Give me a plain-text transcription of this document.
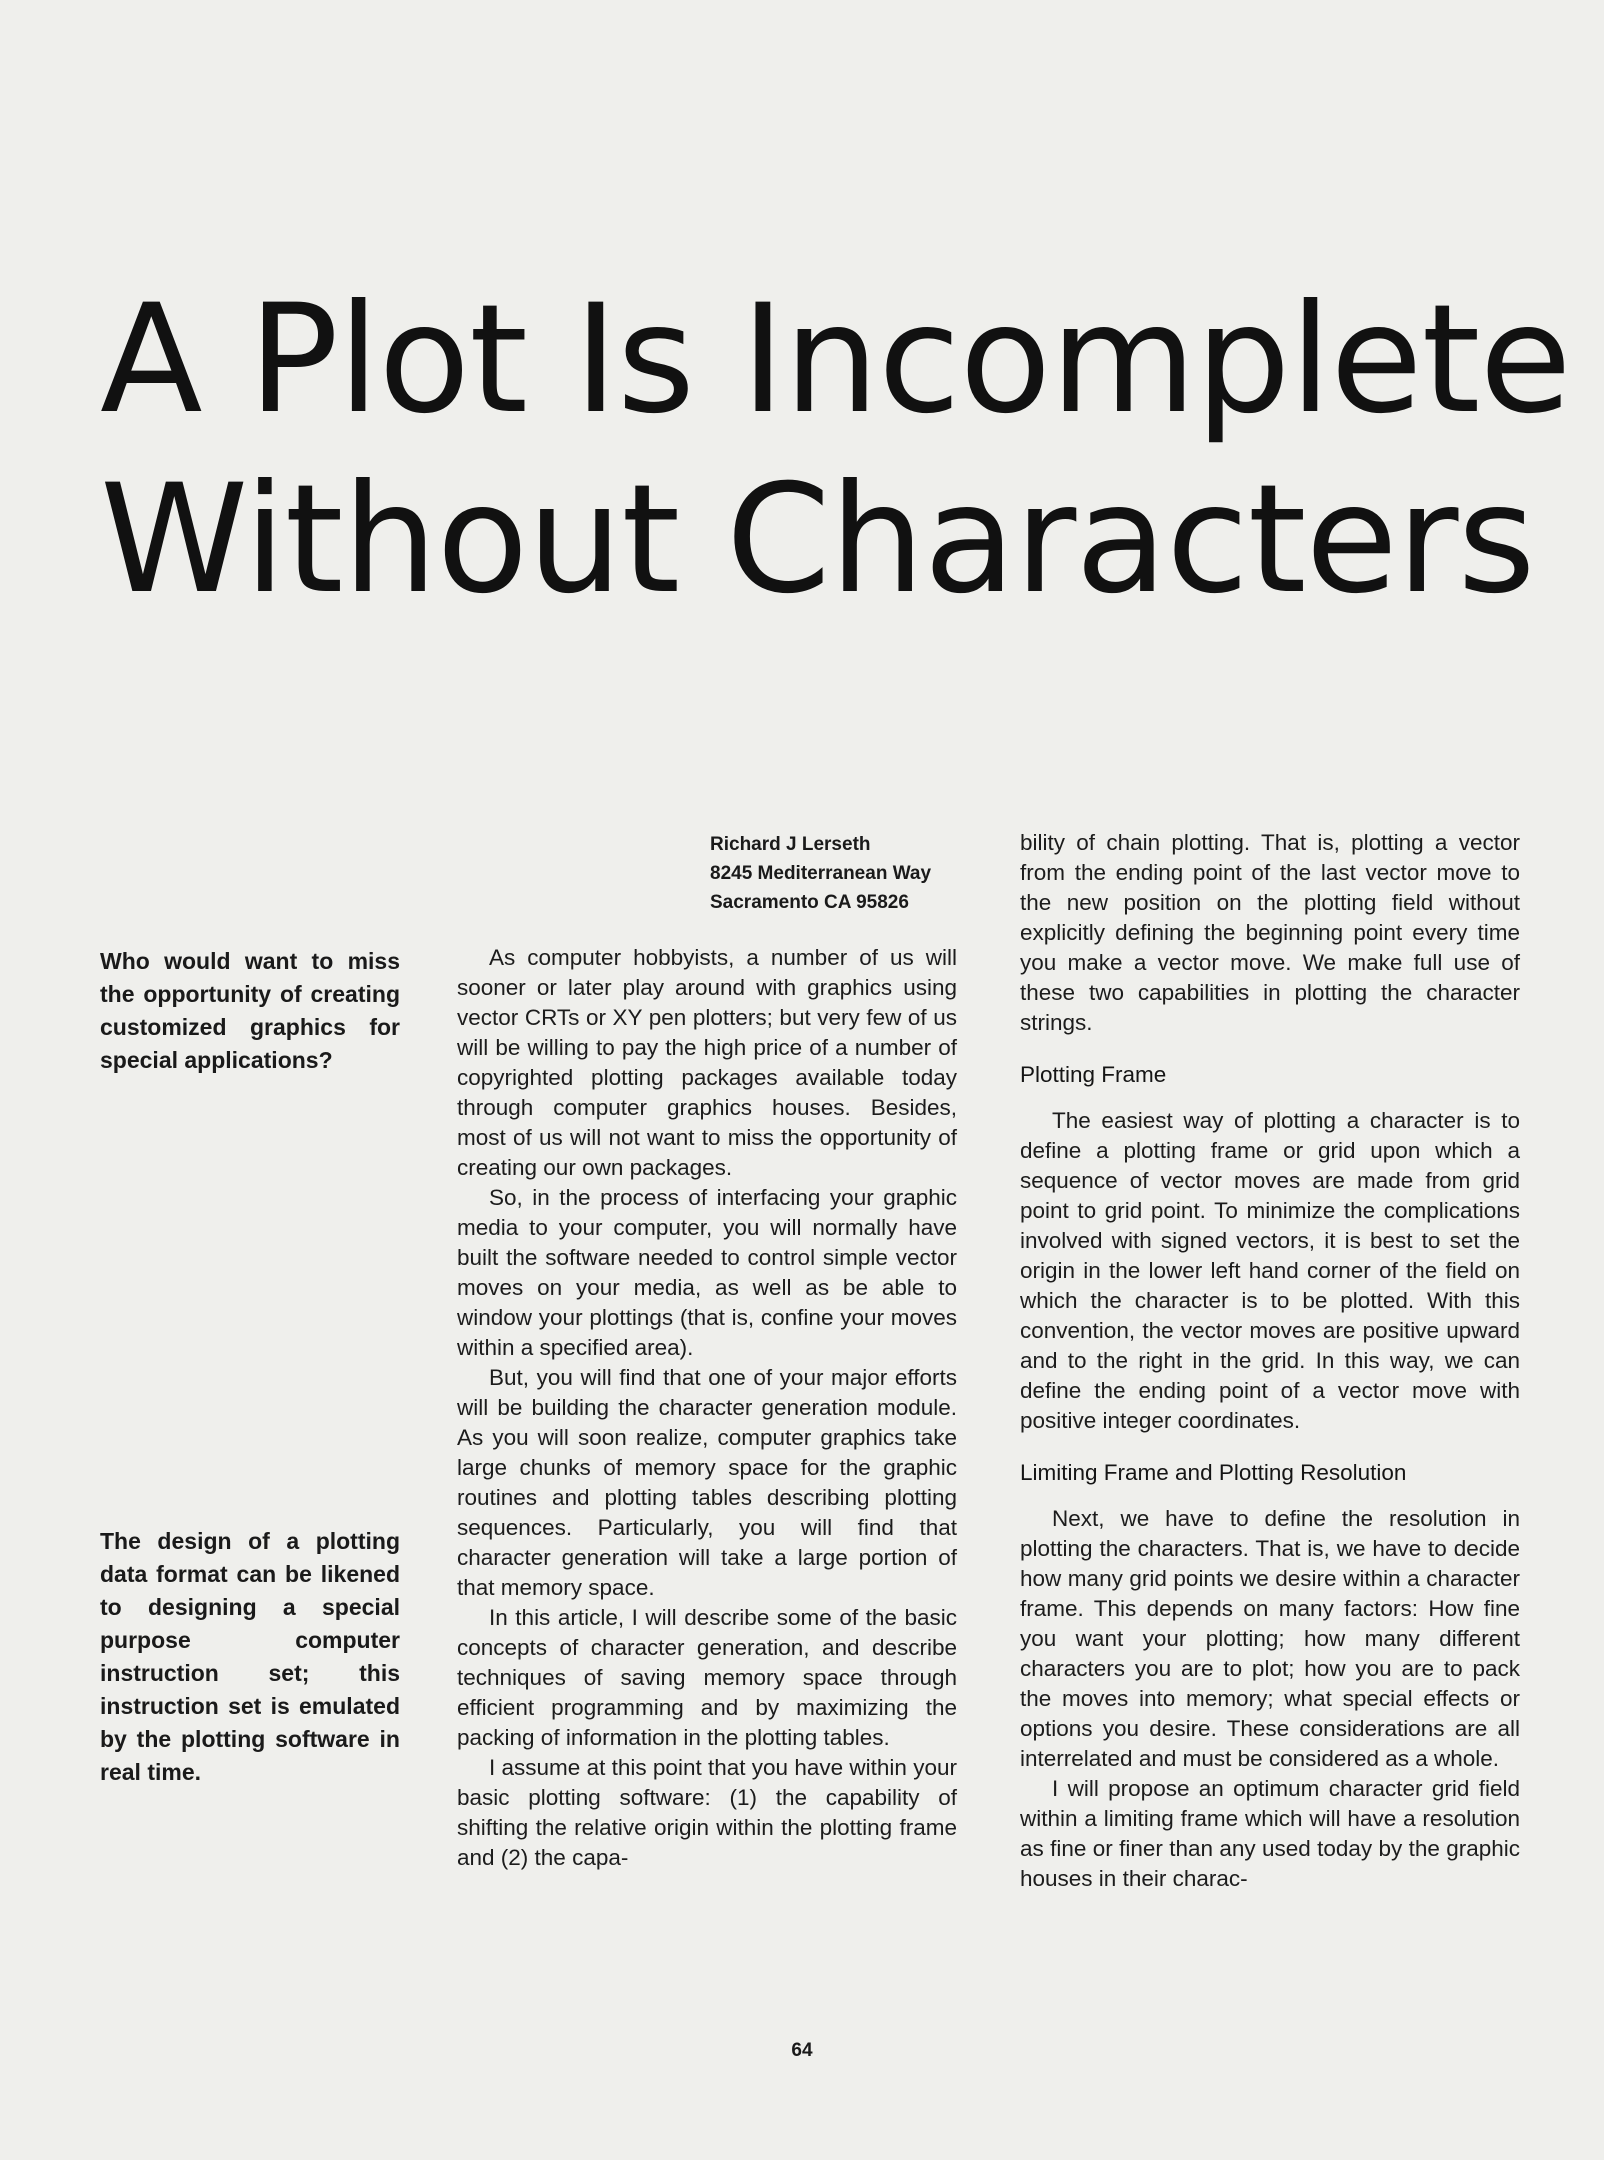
A Plot Is Incomplete
Without Characters
Who would want to miss the opportunity of creating customized graphics for special applications?
The design of a plotting data format can be likened to designing a special purpose computer instruction set; this instruction set is emulated by the plotting software in real time.
Richard J Lerseth
8245 Mediterranean Way
Sacramento CA 95826

As computer hobbyists, a number of us will sooner or later play around with graphics using vector CRTs or XY pen plotters; but very few of us will be willing to pay the high price of a number of copyrighted plotting packages available today through computer graphics houses. Besides, most of us will not want to miss the opportunity of creating our own packages.

So, in the process of interfacing your graphic media to your computer, you will normally have built the software needed to control simple vector moves on your media, as well as be able to window your plottings (that is, confine your moves within a specified area).

But, you will find that one of your major efforts will be building the character generation module. As you will soon realize, computer graphics take large chunks of memory space for the graphic routines and plotting tables describing plotting sequences. Particularly, you will find that character generation will take a large portion of that memory space.

In this article, I will describe some of the basic concepts of character generation, and describe techniques of saving memory space through efficient programming and by maximizing the packing of information in the plotting tables.

I assume at this point that you have within your basic plotting software: (1) the capability of shifting the relative origin within the plotting frame and (2) the capa-

bility of chain plotting. That is, plotting a vector from the ending point of the last vector move to the new position on the plotting field without explicitly defining the beginning point every time you make a vector move. We make full use of these two capabilities in plotting the character strings.

Plotting Frame

The easiest way of plotting a character is to define a plotting frame or grid upon which a sequence of vector moves are made from grid point to grid point. To minimize the complications involved with signed vectors, it is best to set the origin in the lower left hand corner of the field on which the character is to be plotted. With this convention, the vector moves are positive upward and to the right in the grid. In this way, we can define the ending point of a vector move with positive integer coordinates.

Limiting Frame and Plotting Resolution

Next, we have to define the resolution in plotting the characters. That is, we have to decide how many grid points we desire within a character frame. This depends on many factors: How fine you want your plotting; how many different characters you are to plot; how you are to pack the moves into memory; what special effects or options you desire. These considerations are all interrelated and must be considered as a whole.

I will propose an optimum character grid field within a limiting frame which will have a resolution as fine or finer than any used today by the graphic houses in their charac-

64
